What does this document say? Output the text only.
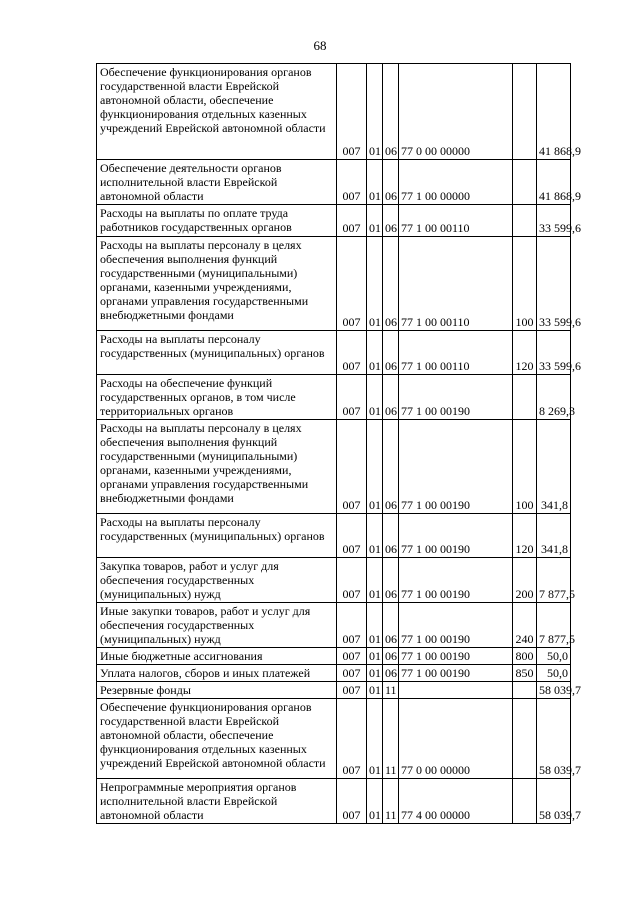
68
Обеспечение функционирования органов государственной власти Еврейской автономной области, обеспечение функционирования отдельных казенных учреждений Еврейской автономной области	007	01	06	77 0 00 00000		41 868,9
Обеспечение деятельности органов исполнительной власти Еврейской автономной области	007	01	06	77 1 00 00000		41 868,9
Расходы на выплаты по оплате труда работников государственных органов	007	01	06	77 1 00 00110		33 599,6
Расходы на выплаты персоналу в целях обеспечения выполнения функций государственными (муниципальными) органами, казенными учреждениями, органами управления государственными внебюджетными фондами	007	01	06	77 1 00 00110	100	33 599,6
Расходы на выплаты персоналу государственных (муниципальных) органов	007	01	06	77 1 00 00110	120	33 599,6
Расходы на обеспечение функций государственных органов, в том числе территориальных органов	007	01	06	77 1 00 00190		8 269,3
Расходы на выплаты персоналу в целях обеспечения выполнения функций государственными (муниципальными) органами, казенными учреждениями, органами управления государственными внебюджетными фондами	007	01	06	77 1 00 00190	100	341,8
Расходы на выплаты персоналу государственных (муниципальных) органов	007	01	06	77 1 00 00190	120	341,8
Закупка товаров, работ и услуг для обеспечения государственных (муниципальных) нужд	007	01	06	77 1 00 00190	200	7 877,5
Иные закупки товаров, работ и услуг для обеспечения государственных (муниципальных) нужд	007	01	06	77 1 00 00190	240	7 877,5
Иные бюджетные ассигнования	007	01	06	77 1 00 00190	800	50,0
Уплата налогов, сборов и иных платежей	007	01	06	77 1 00 00190	850	50,0
Резервные фонды	007	01	11			58 039,7
Обеспечение функционирования органов государственной власти Еврейской автономной области, обеспечение функционирования отдельных казенных учреждений Еврейской автономной области	007	01	11	77 0 00 00000		58 039,7
Непрограммные мероприятия органов исполнительной власти Еврейской автономной области	007	01	11	77 4 00 00000		58 039,7
